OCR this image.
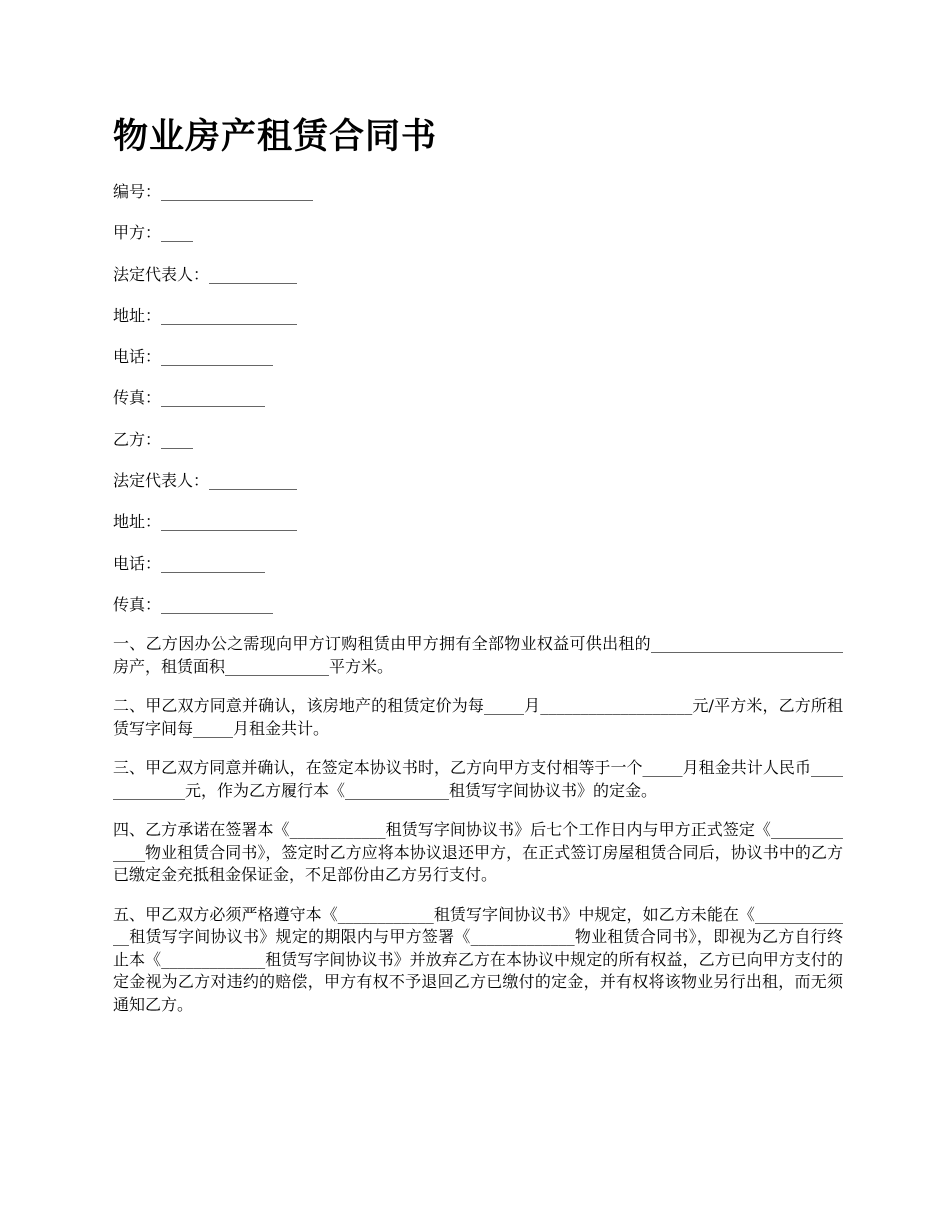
物业房产租赁合同书
编号：___________________
甲方：____
法定代表人：___________
地址：_________________
电话：______________
传真：_____________
乙方：____
法定代表人：___________
地址：_________________
电话：_____________
传真：______________

一、乙方因办公之需现向甲方订购租赁由甲方拥有全部物业权益可供出租的________________________房产，租赁面积_____________平方米。

二、甲乙双方同意并确认，该房地产的租赁定价为每_____月___________________元/平方米，乙方所租赁写字间每_____月租金共计。

三、甲乙双方同意并确认，在签定本协议书时，乙方向甲方支付相等于一个_____月租金共计人民币_____________元，作为乙方履行本《_____________租赁写字间协议书》的定金。

四、乙方承诺在签署本《____________租赁写字间协议书》后七个工作日内与甲方正式签定《_____________物业租赁合同书》，签定时乙方应将本协议退还甲方，在正式签订房屋租赁合同后，协议书中的乙方已缴定金充抵租金保证金，不足部份由乙方另行支付。

五、甲乙双方必须严格遵守本《____________租赁写字间协议书》中规定，如乙方未能在《_____________租赁写字间协议书》规定的期限内与甲方签署《_____________物业租赁合同书》，即视为乙方自行终止本《_____________租赁写字间协议书》并放弃乙方在本协议中规定的所有权益，乙方已向甲方支付的定金视为乙方对违约的赔偿，甲方有权不予退回乙方已缴付的定金，并有权将该物业另行出租，而无须通知乙方。
